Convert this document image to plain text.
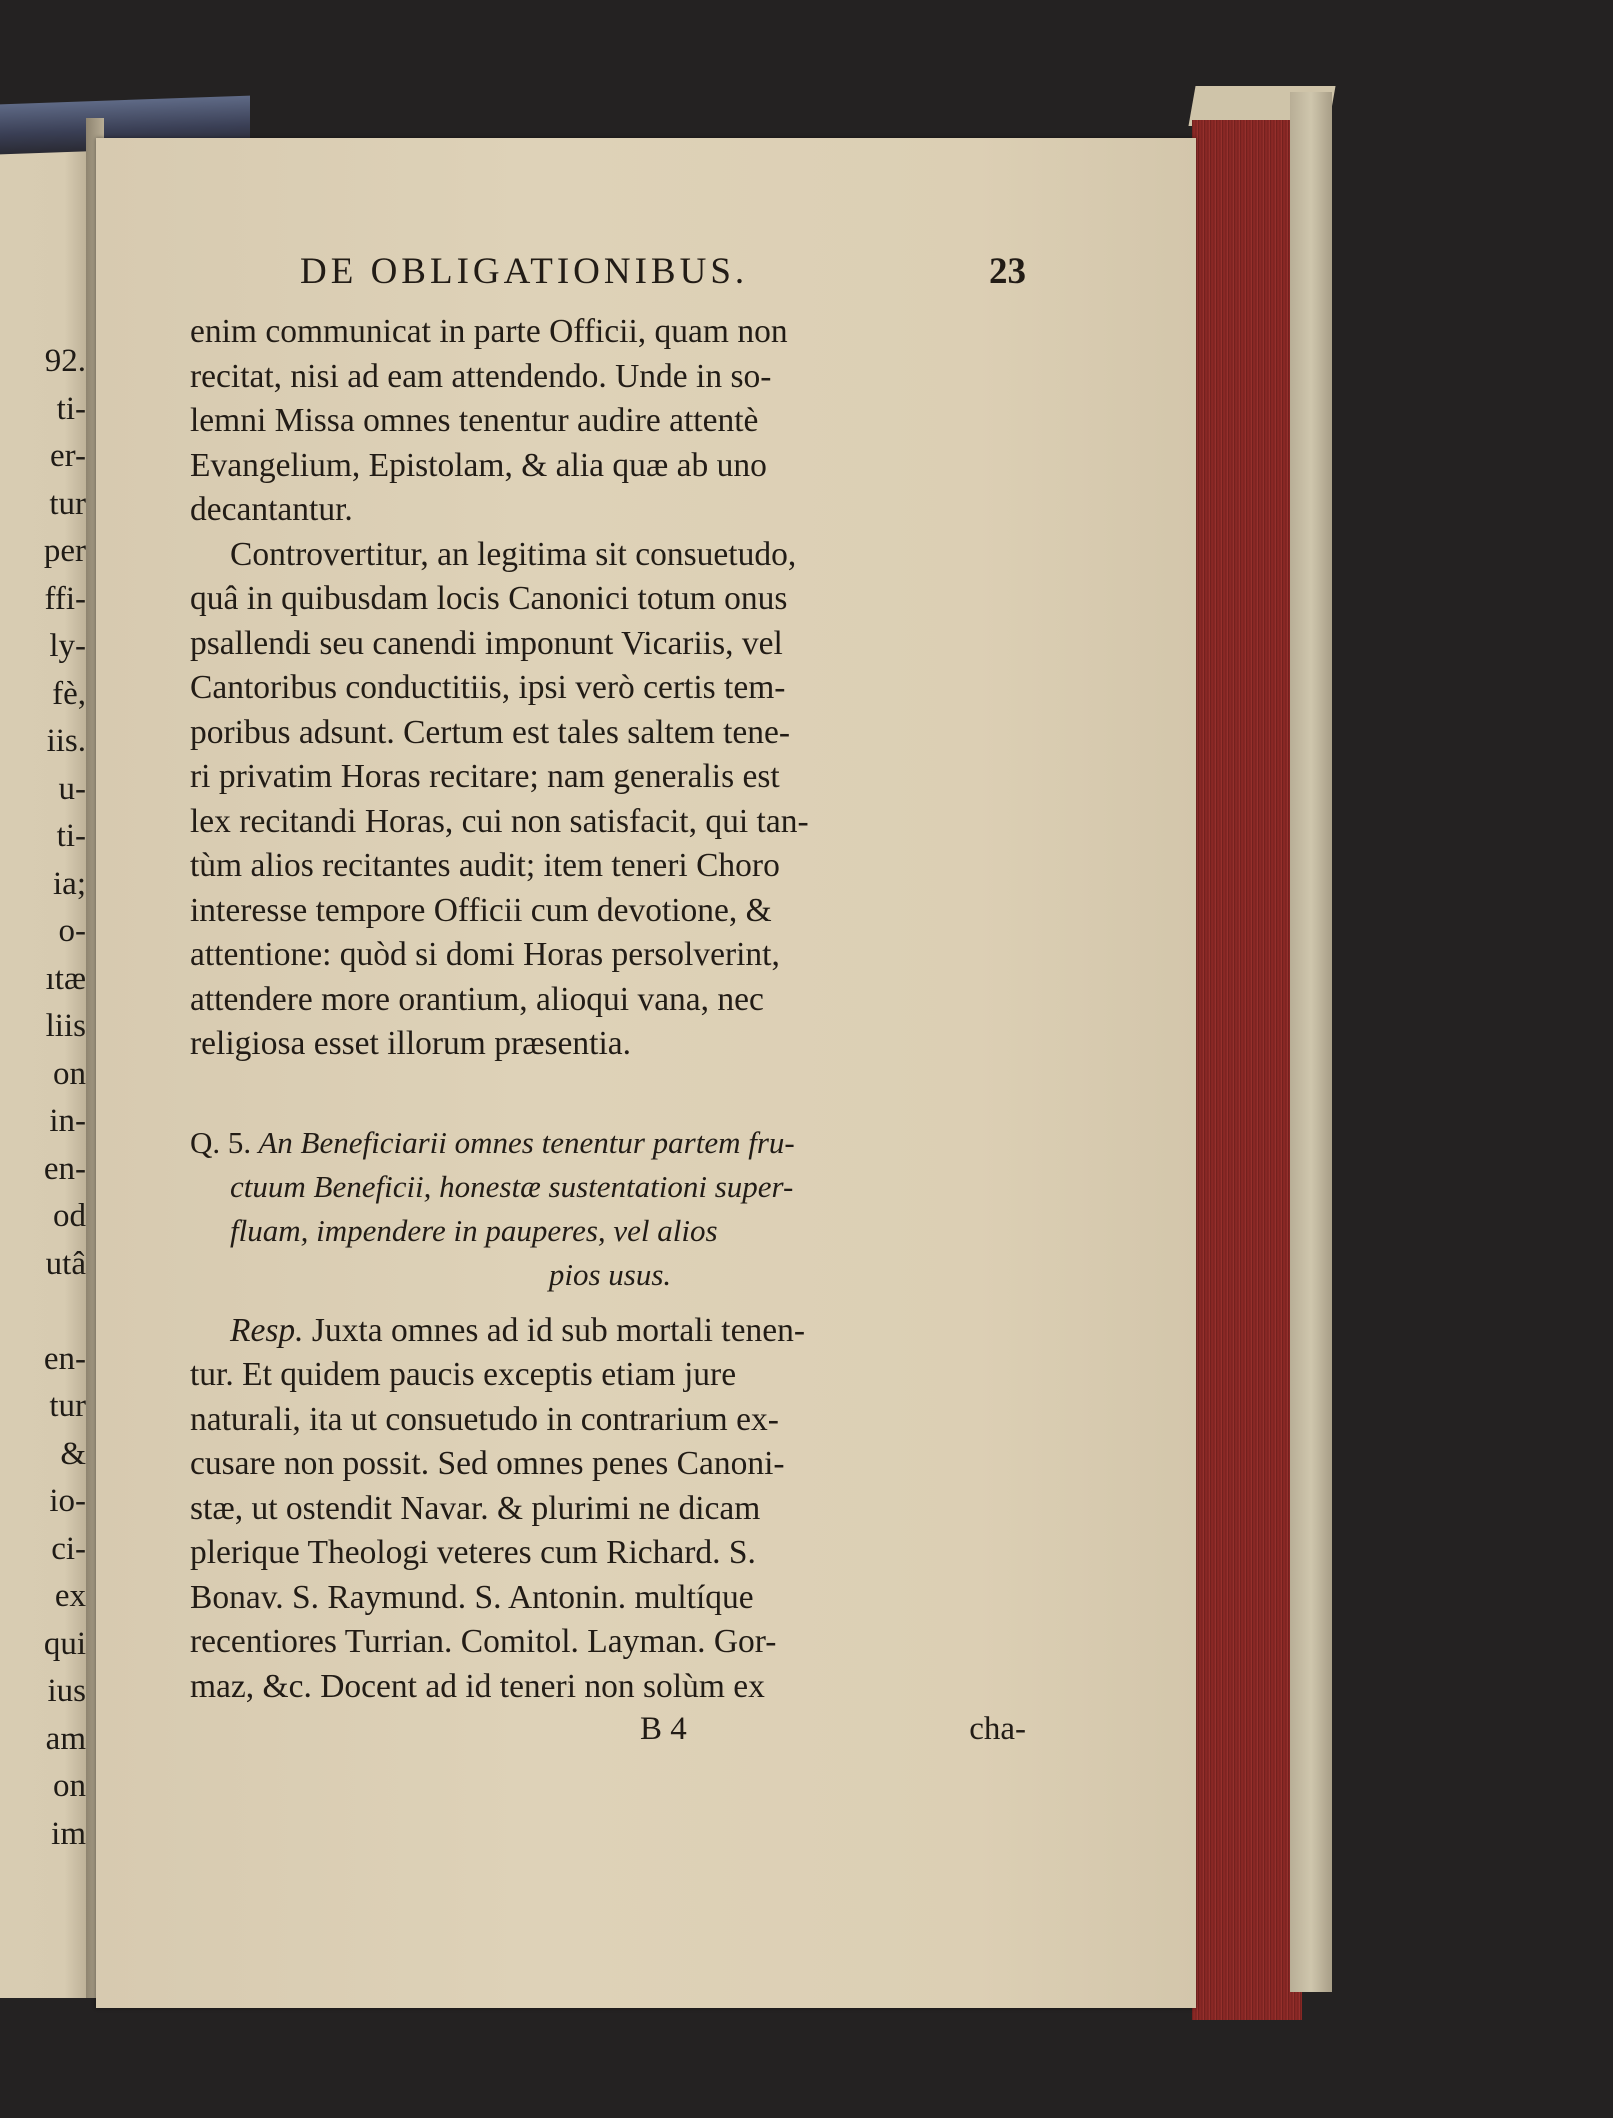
92.
ti-
er-
tur
per
ffi-
ly-
fè,
iis.
u-
ti-
ia;
o-
ıtæ
liis
on
in-
en-
od
utâ

en-
tur
&
io-
ci-
ex
qui
ius
am
on
im
DE OBLIGATIONIBUS.	23
enim communicat in parte Officii, quam non
recitat, nisi ad eam attendendo. Unde in so-
lemni Missa omnes tenentur audire attentè
Evangelium, Epistolam, & alia quæ ab uno
decantantur.
Controvertitur, an legitima sit consuetudo,
quâ in quibusdam locis Canonici totum onus
psallendi seu canendi imponunt Vicariis, vel
Cantoribus conductitiis, ipsi verò certis tem-
poribus adsunt. Certum est tales saltem tene-
ri privatim Horas recitare; nam generalis est
lex recitandi Horas, cui non satisfacit, qui tan-
tùm alios recitantes audit; item teneri Choro
interesse tempore Officii cum devotione, &
attentione: quòd si domi Horas persolverint,
attendere more orantium, alioqui vana, nec
religiosa esset illorum præsentia.
Q. 5. An Beneficiarii omnes tenentur partem fru-
ctuum Beneficii, honestæ sustentationi super-
fluam, impendere in pauperes, vel alios
pios usus.
Resp. Juxta omnes ad id sub mortali tenen-
tur. Et quidem paucis exceptis etiam jure
naturali, ita ut consuetudo in contrarium ex-
cusare non possit. Sed omnes penes Canoni-
stæ, ut ostendit Navar. & plurimi ne dicam
plerique Theologi veteres cum Richard. S.
Bonav. S. Raymund. S. Antonin. multíque
recentiores Turrian. Comitol. Layman. Gor-
maz, &c. Docent ad id teneri non solùm ex
B 4	cha-
